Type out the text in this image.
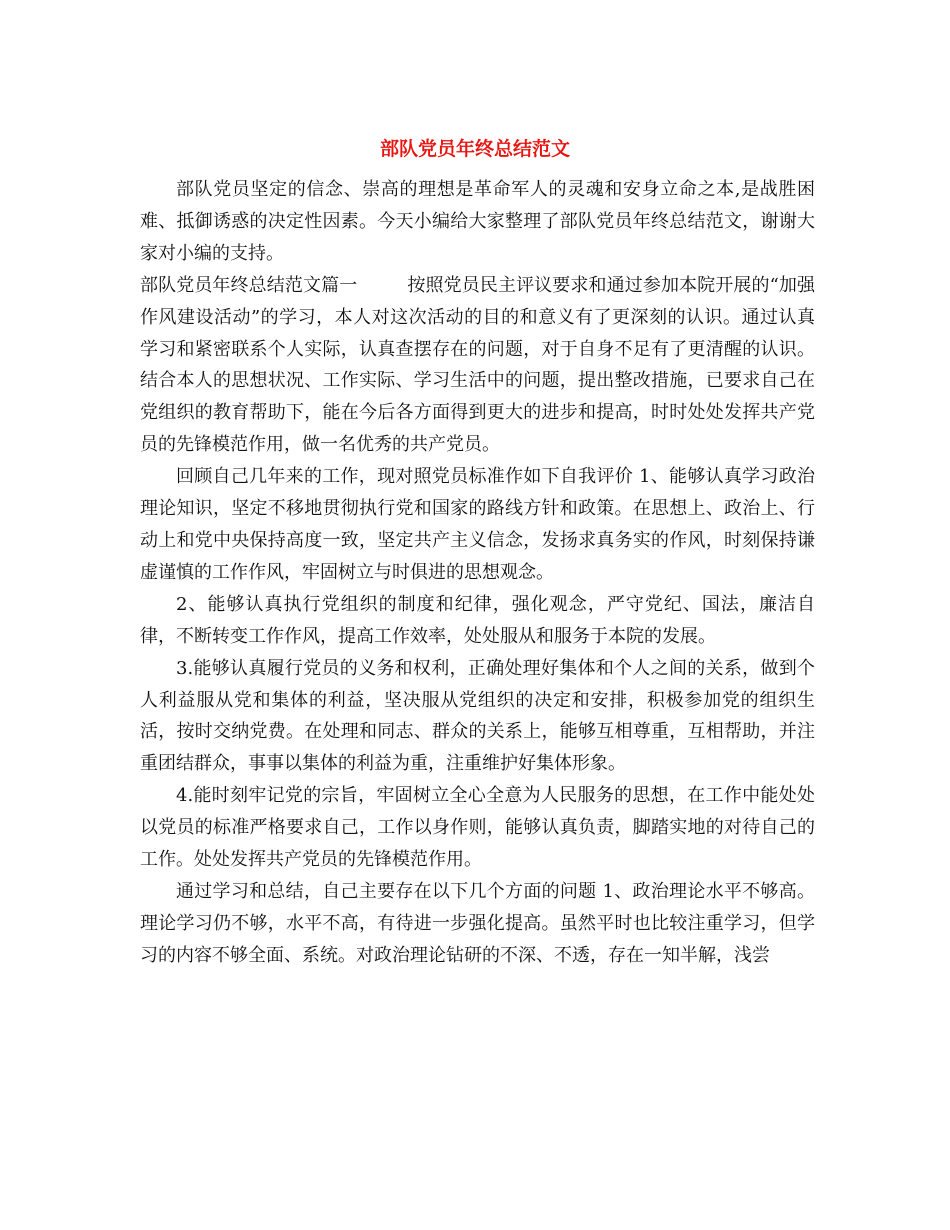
部队党员年终总结范文

部队党员坚定的信念、崇高的理想是革命军人的灵魂和安身立命之本,是战胜困难、抵御诱惑的决定性因素。今天小编给大家整理了部队党员年终总结范文，谢谢大家对小编的支持。

部队党员年终总结范文篇一	按照党员民主评议要求和通过参加本院开展的“加强作风建设活动”的学习，本人对这次活动的目的和意义有了更深刻的认识。通过认真学习和紧密联系个人实际，认真查摆存在的问题，对于自身不足有了更清醒的认识。结合本人的思想状况、工作实际、学习生活中的问题，提出整改措施，已要求自己在党组织的教育帮助下，能在今后各方面得到更大的进步和提高，时时处处发挥共产党员的先锋模范作用，做一名优秀的共产党员。

回顾自己几年来的工作，现对照党员标准作如下自我评价 1、能够认真学习政治理论知识，坚定不移地贯彻执行党和国家的路线方针和政策。在思想上、政治上、行动上和党中央保持高度一致，坚定共产主义信念，发扬求真务实的作风，时刻保持谦虚谨慎的工作作风，牢固树立与时俱进的思想观念。

2、能够认真执行党组织的制度和纪律，强化观念，严守党纪、国法，廉洁自律，不断转变工作作风，提高工作效率，处处服从和服务于本院的发展。

3.能够认真履行党员的义务和权利，正确处理好集体和个人之间的关系，做到个人利益服从党和集体的利益，坚决服从党组织的决定和安排，积极参加党的组织生活，按时交纳党费。在处理和同志、群众的关系上，能够互相尊重，互相帮助，并注重团结群众，事事以集体的利益为重，注重维护好集体形象。

4.能时刻牢记党的宗旨，牢固树立全心全意为人民服务的思想，在工作中能处处以党员的标准严格要求自己，工作以身作则，能够认真负责，脚踏实地的对待自己的工作。处处发挥共产党员的先锋模范作用。

通过学习和总结，自己主要存在以下几个方面的问题 1、政治理论水平不够高。理论学习仍不够，水平不高，有待进一步强化提高。虽然平时也比较注重学习，但学习的内容不够全面、系统。对政治理论钻研的不深、不透，存在一知半解，浅尝
